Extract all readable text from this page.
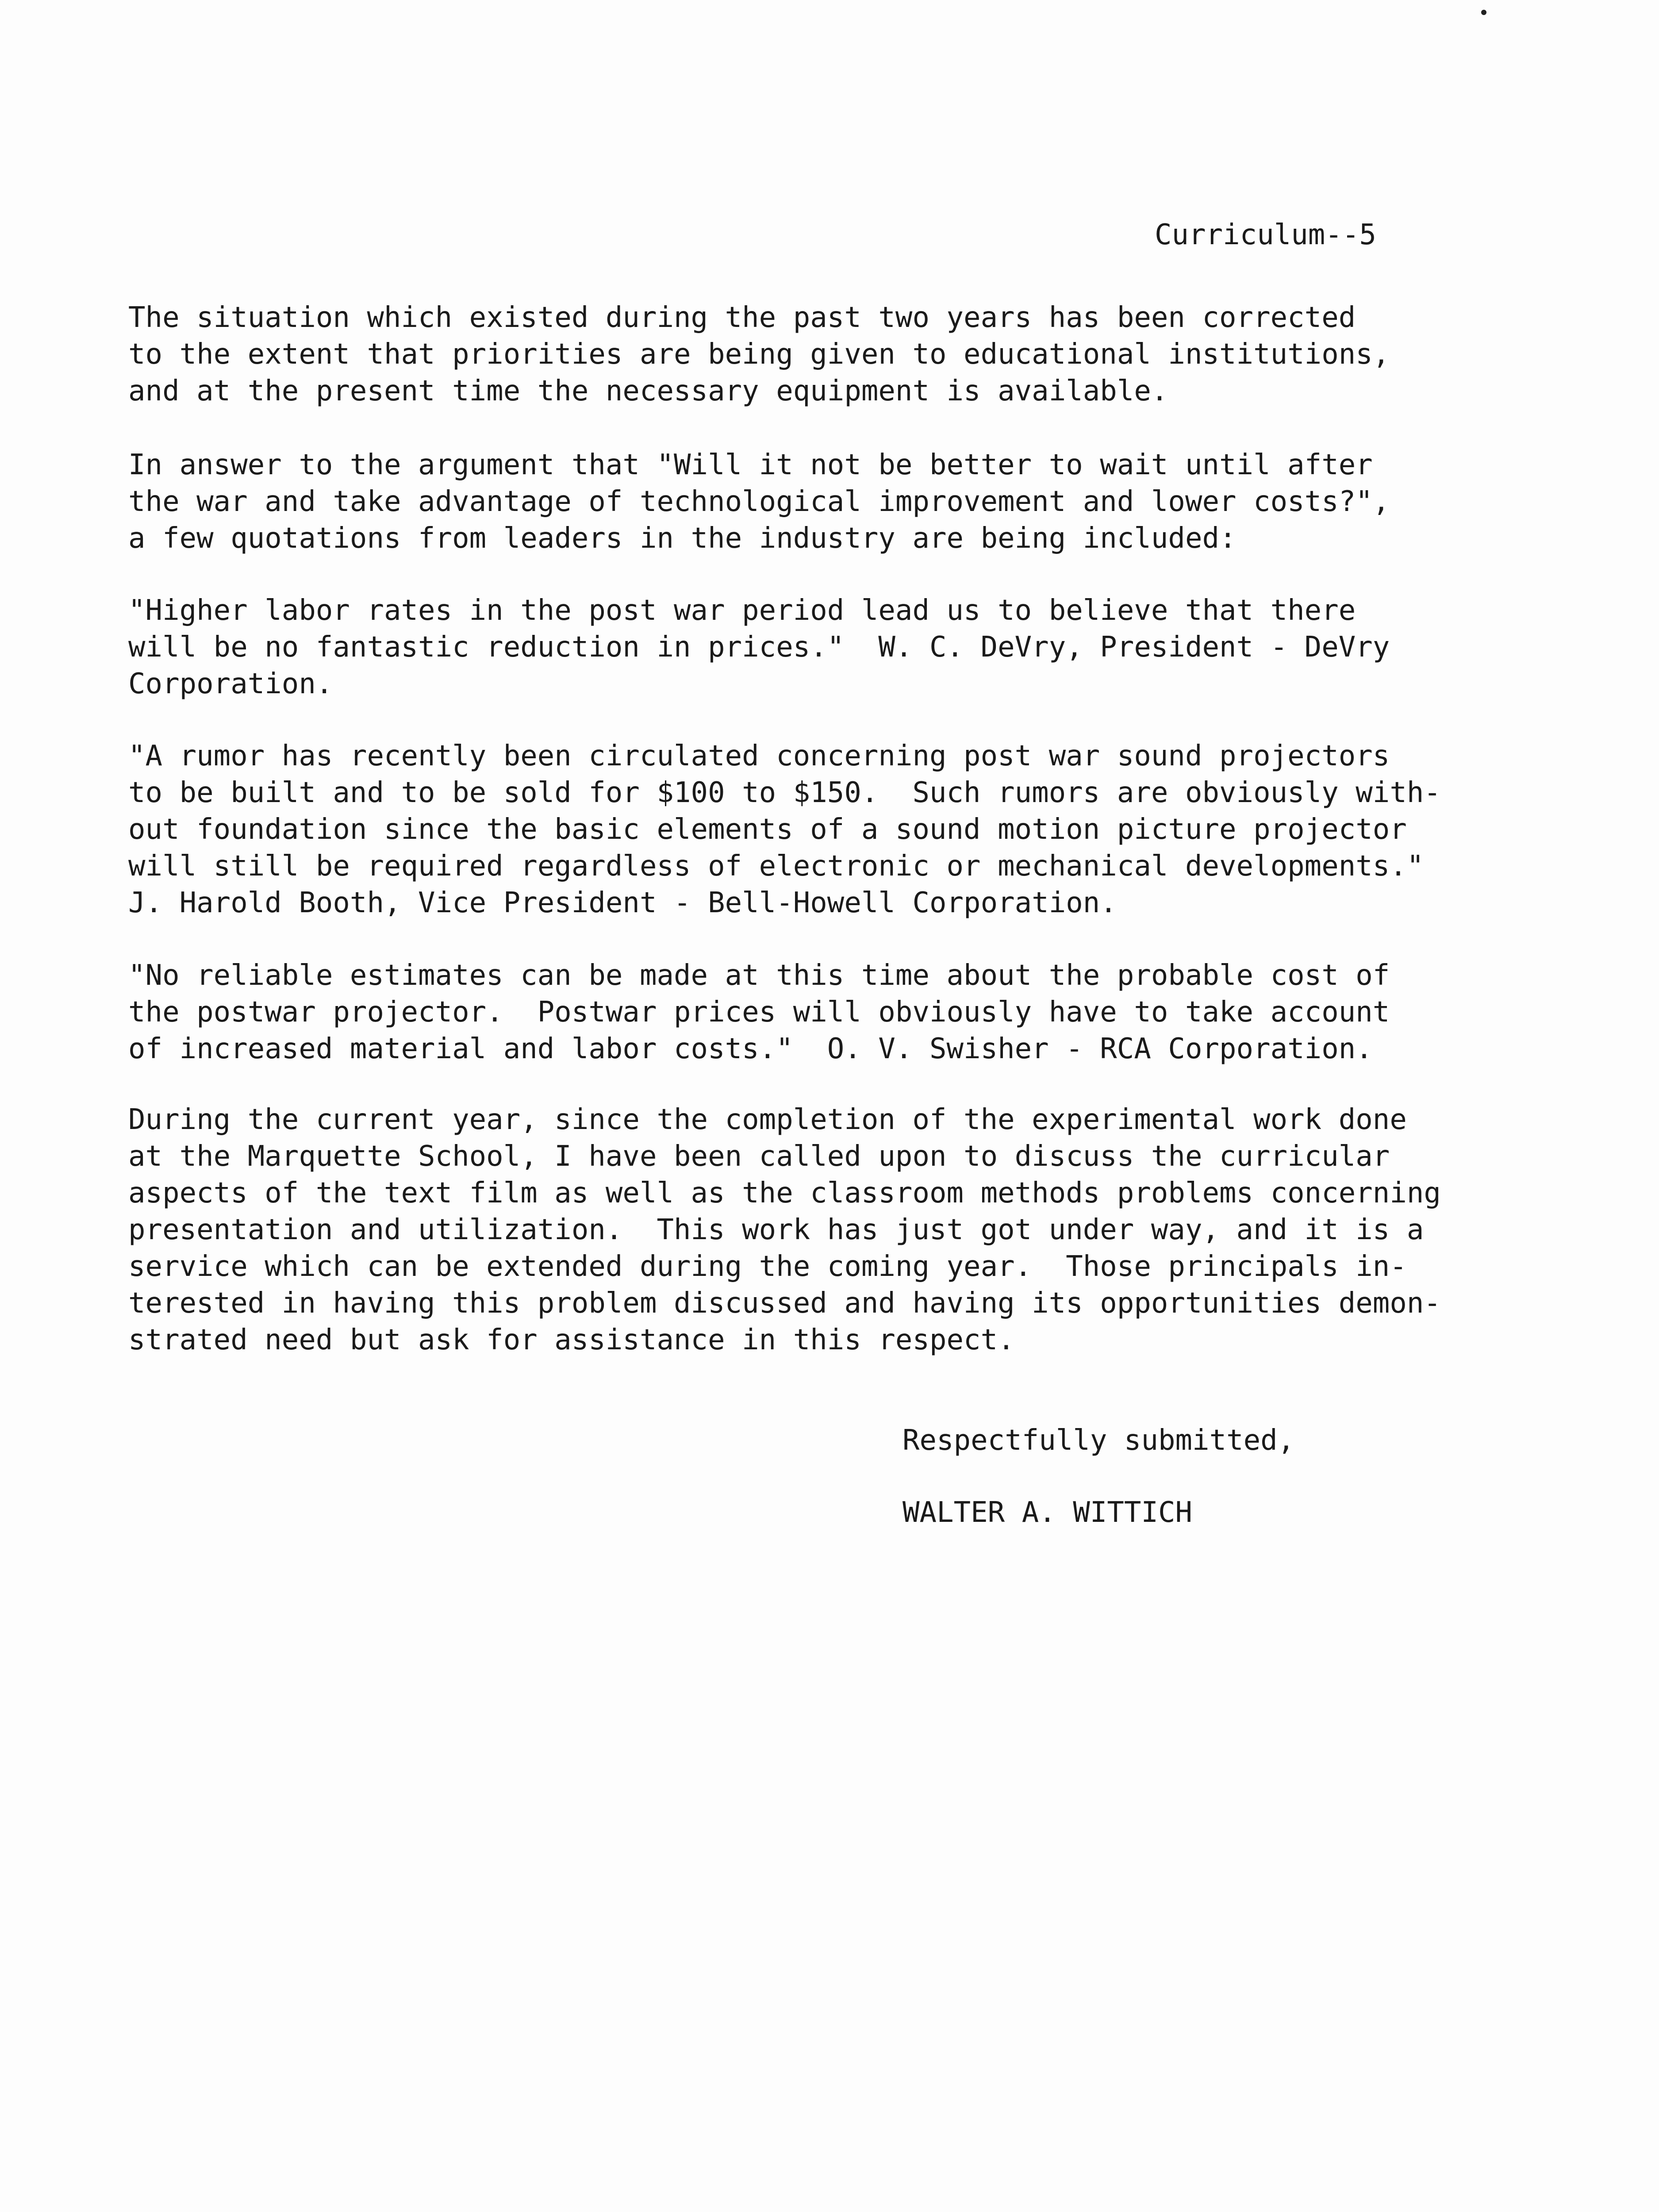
Curriculum--5
The situation which existed during the past two years has been corrected
to the extent that priorities are being given to educational institutions,
and at the present time the necessary equipment is available.
In answer to the argument that "Will it not be better to wait until after
the war and take advantage of technological improvement and lower costs?",
a few quotations from leaders in the industry are being included:
"Higher labor rates in the post war period lead us to believe that there
will be no fantastic reduction in prices."  W. C. DeVry, President - DeVry
Corporation.
"A rumor has recently been circulated concerning post war sound projectors
to be built and to be sold for $100 to $150.  Such rumors are obviously with-
out foundation since the basic elements of a sound motion picture projector
will still be required regardless of electronic or mechanical developments."
J. Harold Booth, Vice President - Bell-Howell Corporation.
"No reliable estimates can be made at this time about the probable cost of
the postwar projector.  Postwar prices will obviously have to take account
of increased material and labor costs."  O. V. Swisher - RCA Corporation.
During the current year, since the completion of the experimental work done
at the Marquette School, I have been called upon to discuss the curricular
aspects of the text film as well as the classroom methods problems concerning
presentation and utilization.  This work has just got under way, and it is a
service which can be extended during the coming year.  Those principals in-
terested in having this problem discussed and having its opportunities demon-
strated need but ask for assistance in this respect.
Respectfully submitted,
WALTER A. WITTICH
